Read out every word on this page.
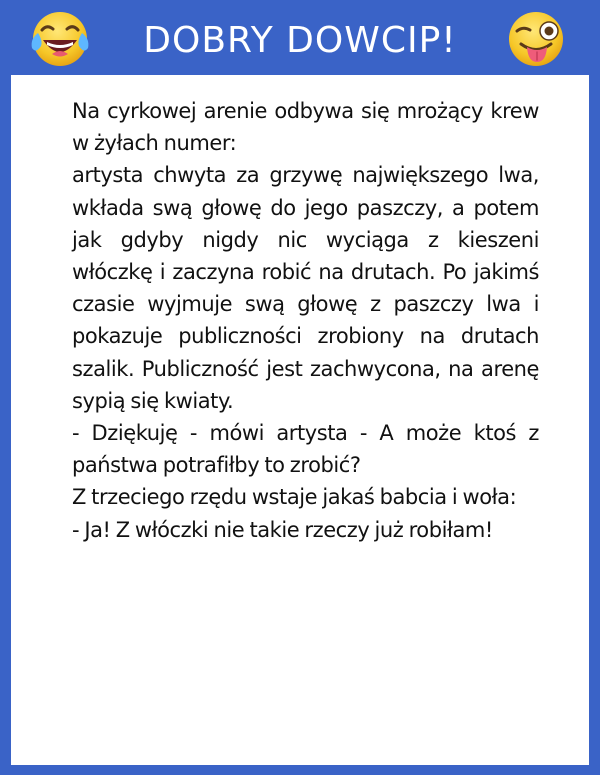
DOBRY DOWCIP!

Na cyrkowej arenie odbywa się mrożący krew w żyłach numer:

artysta chwyta za grzywę największego lwa, wkłada swą głowę do jego paszczy, a potem jak gdyby nigdy nic wyciąga z kieszeni włóczkę i zaczyna robić na drutach. Po jakimś czasie wyjmuje swą głowę z paszczy lwa i pokazuje publiczności zrobiony na drutach szalik. Publiczność jest zachwycona, na arenę sypią się kwiaty.

- Dziękuję - mówi artysta - A może ktoś z państwa potrafiłby to zrobić?

Z trzeciego rzędu wstaje jakaś babcia i woła:

- Ja! Z włóczki nie takie rzeczy już robiłam!
